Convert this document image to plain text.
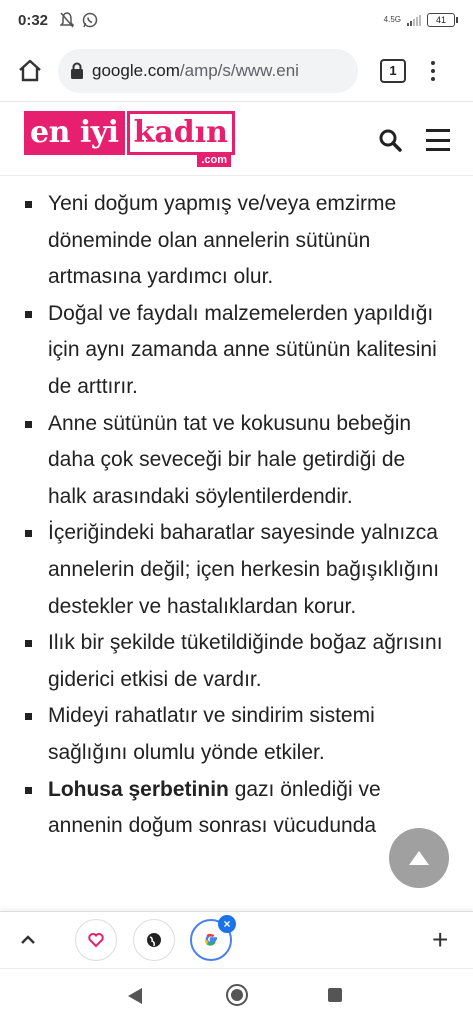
0:32	4.5G	41
google.com/amp/s/www.eni	1
en iyi kadın
.com
Yeni doğum yapmış ve/veya emzirme döneminde olan annelerin sütünün artmasına yardımcı olur.
Doğal ve faydalı malzemelerden yapıldığı için aynı zamanda anne sütünün kalitesini de arttırır.
Anne sütünün tat ve kokusunu bebeğin daha çok seveceği bir hale getirdiği de halk arasındaki söylentilerdendir.
İçeriğindeki baharatlar sayesinde yalnızca annelerin değil; içen herkesin bağışıklığını destekler ve hastalıklardan korur.
Ilık bir şekilde tüketildiğinde boğaz ağrısını giderici etkisi de vardır.
Mideyi rahatlatır ve sindirim sistemi sağlığını olumlu yönde etkiler.
Lohusa şerbetinin gazı önlediği ve annenin doğum sonrası vücudunda
×	+
